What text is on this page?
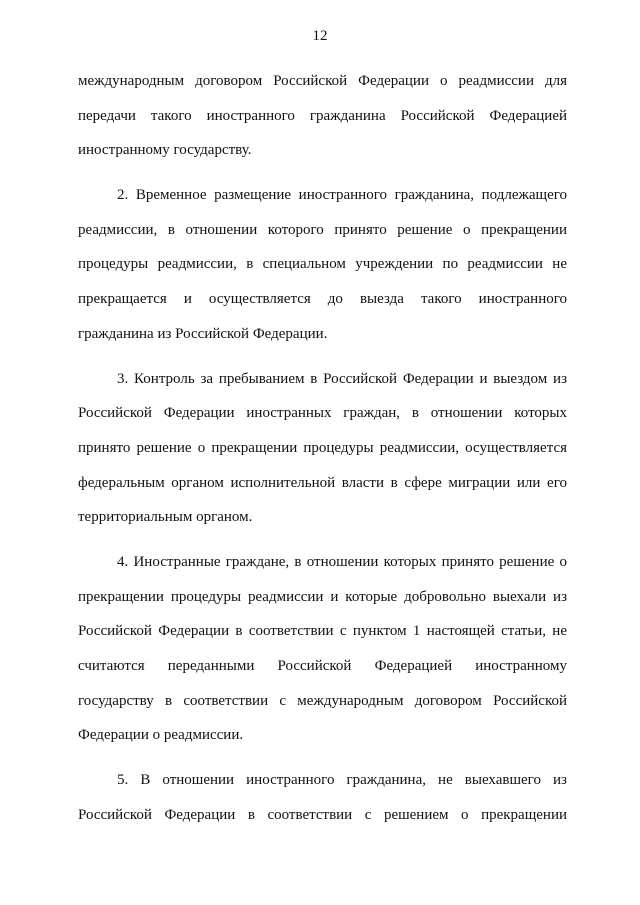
12
международным договором Российской Федерации о реадмиссии для
передачи такого иностранного гражданина Российской Федерацией
иностранному государству.
2. Временное размещение иностранного гражданина, подлежащего
реадмиссии, в отношении которого принято решение о прекращении
процедуры реадмиссии, в специальном учреждении по реадмиссии не
прекращается и осуществляется до выезда такого иностранного
гражданина из Российской Федерации.
3. Контроль за пребыванием в Российской Федерации и выездом из
Российской Федерации иностранных граждан, в отношении которых
принято решение о прекращении процедуры реадмиссии, осуществляется
федеральным органом исполнительной власти в сфере миграции или его
территориальным органом.
4. Иностранные граждане, в отношении которых принято решение о
прекращении процедуры реадмиссии и которые добровольно выехали из
Российской Федерации в соответствии с пунктом 1 настоящей статьи, не
считаются переданными Российской Федерацией иностранному
государству в соответствии с международным договором Российской
Федерации о реадмиссии.
5. В отношении иностранного гражданина, не выехавшего из
Российской Федерации в соответствии с решением о прекращении
